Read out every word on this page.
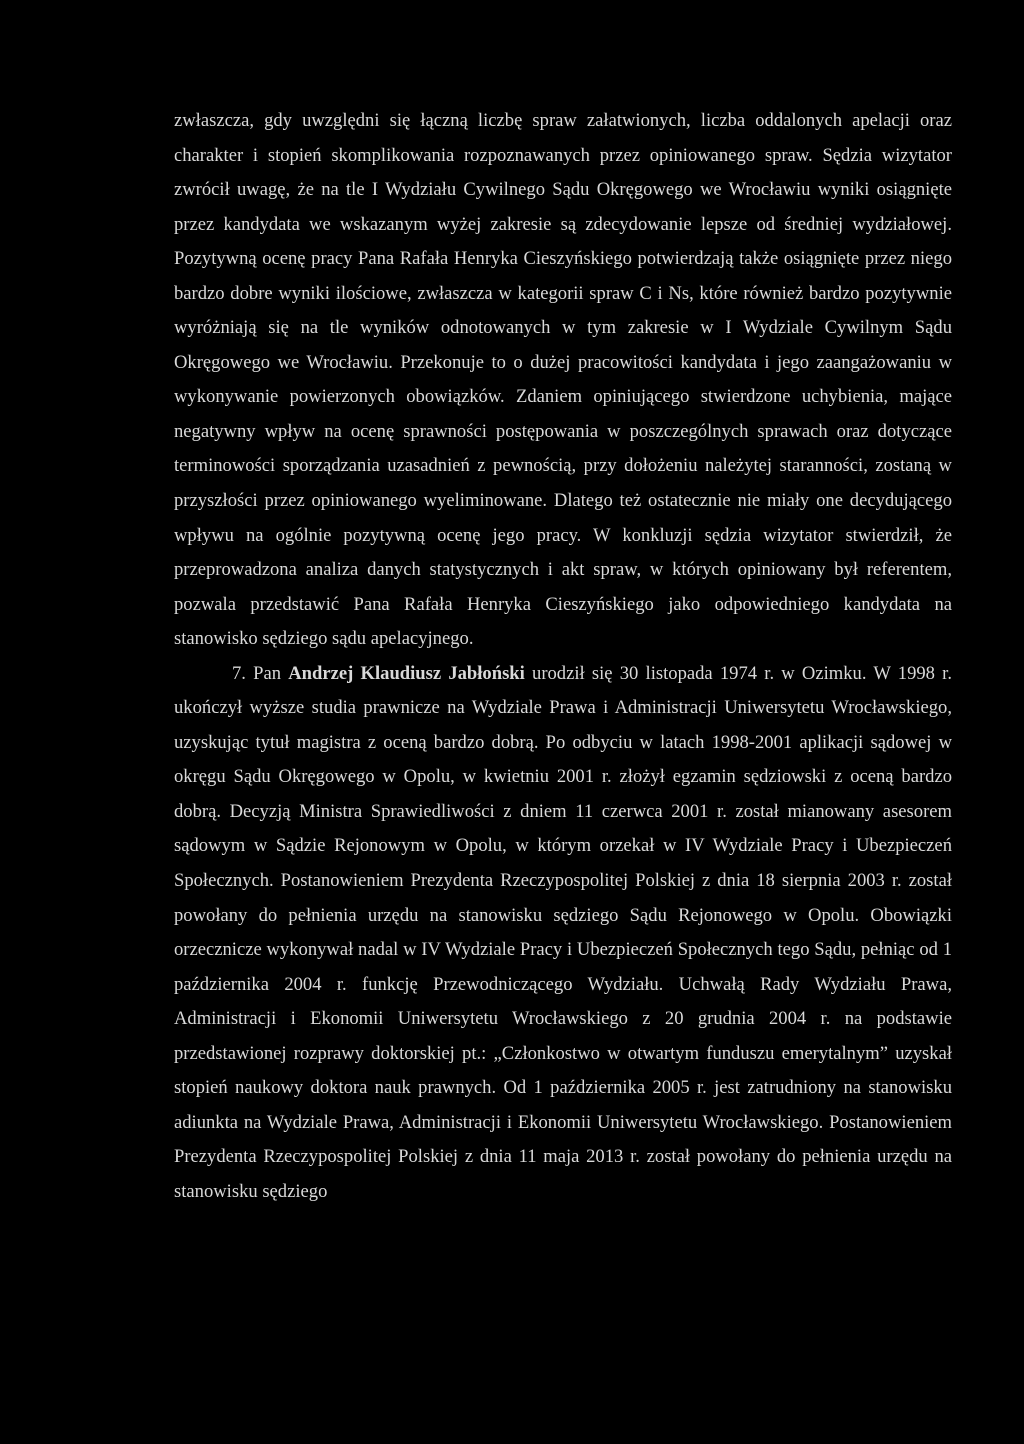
zwłaszcza, gdy uwzględni się łączną liczbę spraw załatwionych, liczba oddalonych apelacji oraz charakter i stopień skomplikowania rozpoznawanych przez opiniowanego spraw. Sędzia wizytator zwrócił uwagę, że na tle I Wydziału Cywilnego Sądu Okręgowego we Wrocławiu wyniki osiągnięte przez kandydata we wskazanym wyżej zakresie są zdecydowanie lepsze od średniej wydziałowej. Pozytywną ocenę pracy Pana Rafała Henryka Cieszyńskiego potwierdzają także osiągnięte przez niego bardzo dobre wyniki ilościowe, zwłaszcza w kategorii spraw C i Ns, które również bardzo pozytywnie wyróżniają się na tle wyników odnotowanych w tym zakresie w I Wydziale Cywilnym Sądu Okręgowego we Wrocławiu. Przekonuje to o dużej pracowitości kandydata i jego zaangażowaniu w wykonywanie powierzonych obowiązków. Zdaniem opiniującego stwierdzone uchybienia, mające negatywny wpływ na ocenę sprawności postępowania w poszczególnych sprawach oraz dotyczące terminowości sporządzania uzasadnień z pewnością, przy dołożeniu należytej staranności, zostaną w przyszłości przez opiniowanego wyeliminowane. Dlatego też ostatecznie nie miały one decydującego wpływu na ogólnie pozytywną ocenę jego pracy. W konkluzji sędzia wizytator stwierdził, że przeprowadzona analiza danych statystycznych i akt spraw, w których opiniowany był referentem, pozwala przedstawić Pana Rafała Henryka Cieszyńskiego jako odpowiedniego kandydata na stanowisko sędziego sądu apelacyjnego.

7. Pan Andrzej Klaudiusz Jabłoński urodził się 30 listopada 1974 r. w Ozimku. W 1998 r. ukończył wyższe studia prawnicze na Wydziale Prawa i Administracji Uniwersytetu Wrocławskiego, uzyskując tytuł magistra z oceną bardzo dobrą. Po odbyciu w latach 1998-2001 aplikacji sądowej w okręgu Sądu Okręgowego w Opolu, w kwietniu 2001 r. złożył egzamin sędziowski z oceną bardzo dobrą. Decyzją Ministra Sprawiedliwości z dniem 11 czerwca 2001 r. został mianowany asesorem sądowym w Sądzie Rejonowym w Opolu, w którym orzekał w IV Wydziale Pracy i Ubezpieczeń Społecznych. Postanowieniem Prezydenta Rzeczypospolitej Polskiej z dnia 18 sierpnia 2003 r. został powołany do pełnienia urzędu na stanowisku sędziego Sądu Rejonowego w Opolu. Obowiązki orzecznicze wykonywał nadal w IV Wydziale Pracy i Ubezpieczeń Społecznych tego Sądu, pełniąc od 1 października 2004 r. funkcję Przewodniczącego Wydziału. Uchwałą Rady Wydziału Prawa, Administracji i Ekonomii Uniwersytetu Wrocławskiego z 20 grudnia 2004 r. na podstawie przedstawionej rozprawy doktorskiej pt.: „Członkostwo w otwartym funduszu emerytalnym” uzyskał stopień naukowy doktora nauk prawnych. Od 1 października 2005 r. jest zatrudniony na stanowisku adiunkta na Wydziale Prawa, Administracji i Ekonomii Uniwersytetu Wrocławskiego. Postanowieniem Prezydenta Rzeczypospolitej Polskiej z dnia 11 maja 2013 r. został powołany do pełnienia urzędu na stanowisku sędziego
